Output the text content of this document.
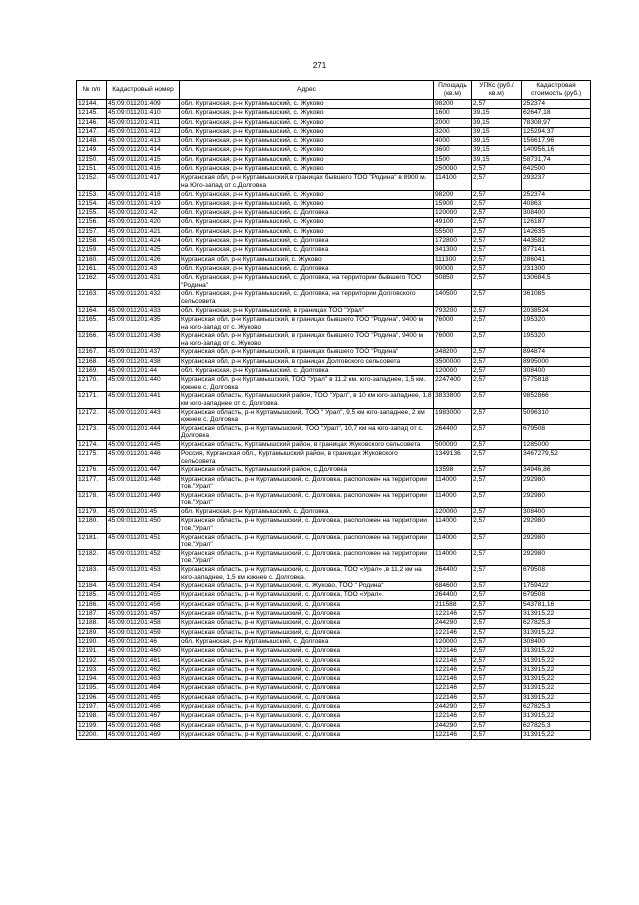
271
№ п/п	Кадастровый номер	Адрес	Площадь (кв.м)	УПКс (руб./кв.м)	Кадастровая стоимость (руб.)
12144.	45:09:011201:409	обл. Курганская, р-н Куртамышский, с. Жуково	98200	2,57	252374
12145.	45:09:011201:410	обл. Курганская, р-н Куртамышский, с. Жуково	1600	39,15	62647,18
12146.	45:09:011201:411	обл. Курганская, р-н Куртамышский, с. Жуково	2000	39,15	78308,97
12147.	45:09:011201:412	обл. Курганская, р-н Куртамышский, с. Жуково	3200	39,15	125294,37
12148.	45:09:011201:413	обл. Курганская, р-н Куртамышский, с. Жуково	4000	39,15	156617,96
12149.	45:09:011201:414	обл. Курганская, р-н Куртамышский, с. Жуково	3600	39,15	140956,16
12150.	45:09:011201:415	обл. Курганская, р-н Куртамышский, с. Жуково	1500	39,15	58731,74
12151.	45:09:011201:416	обл. Курганская, р-н Куртамышский, с. Жуково	250000	2,57	642500
12152.	45:09:011201:417	Курганская обл, р-н Куртамышский,в границах бывшего ТОО "Родина" в 8900 м. на Юго-запад от с.Долговка	114100	2,57	293237
12153.	45:09:011201:418	обл. Курганская, р-н Куртамышский, с. Жуково	98200	2,57	252374
12154.	45:09:011201:419	обл. Курганская, р-н Куртамышский, с. Жуково	15900	2,57	40863
12155.	45:09:011201:42	обл. Курганская, р-н Куртамышский, с. Долговка	120000	2,57	308400
12156.	45:09:011201:420	обл. Курганская, р-н Куртамышский, с. Жуково	49100	2,57	126187
12157.	45:09:011201:421	обл. Курганская, р-н Куртамышский, с. Жуково	55500	2,57	142635
12158.	45:09:011201:424	обл. Курганская, р-н Куртамышский, с. Долговка	172800	2,57	443582
12159.	45:09:011201:425	обл. Курганская, р-н Куртамышский, с. Долговка	341300	2,57	877141
12160.	45:09:011201:426	Курганская обл, р-н Куртамышский, с. Жуково	111300	2,57	286041
12161.	45:09:011201:43	обл. Курганская, р-н Куртамышский, с. Долговка	90000	2,57	231300
12162.	45:09:011201:431	обл. Курганская, р-н Куртамышский, с. Долговка, на территории бывшего ТОО "Родина"	50850	2,57	130684,5
12163.	45:09:011201:432	обл. Курганская, р-н Куртамышский, с. Долговка, на территории Долговского сельсовета	140500	2,57	361085
12164.	45:09:011201:433	обл. Курганская, р-н Куртамышский, в границах ТОО "Урал"	793200	2,57	2038524
12165.	45:09:011201:435	Курганская обл, р-н Куртамышский, в границах бывшего ТОО "Родина", 9400 м на юго-запад от с. Жуково	76000	2,57	195320
12166.	45:09:011201:436	Курганская обл, р-н Куртамышский, в границах бывшего ТОО "Родина", 9400 м на юго-запад от с. Жуково	76000	2,57	195320
12167.	45:09:011201:437	Курганская обл, р-н Куртамышский, в границах бывшего ТОО "Родина"	348200	2,57	894874
12168.	45:09:011201:438	Курганская обл, р-н Куртамышский, в границах Долговского сельсовета	3500000	2,57	8995000
12169.	45:09:011201:44	обл. Курганская, р-н Куртамышский, с. Долговка	120000	2,57	308400
12170.	45:09:011201:440	Курганская обл, р-н Куртамышский, ТОО "Урал" в 11.2 км. юго-западнее, 1,5 км. южнее с. Долговка	2247400	2,57	5775818
12171.	45:09:011201:441	Курганская область, Куртамышский район, ТОО "Урал", в 10 км юго-западнее, 1,8 км юго-западнее от с. Долговка.	3833800	2,57	9852866
12172.	45:09:011201:443	Курганская область, р-н Куртамышский, ТОО " Урал", 9,5 км юго-западнее, 2 км южнее с. Долговка	1983000	2,57	5096310
12173.	45:09:011201:444	Курганская область, р-н Куртамышский, ТОО "Урал", 10,7 км на юго-запад от с. Долговка	264400	2,57	679508
12174.	45:09:011201:445	Курганская область, Куртамышский район, в границах Жуковского сельсовета	500000	2,57	1285000
12175.	45:09:011201:446	Россия, Курганская обл., Куртамышский район, в границах Жуковского сельсовета	1349136	2,57	3467279,52
12176.	45:09:011201:447	Курганская область, Куртамышский район, с.Долговка	13598	2,57	34946,86
12177.	45:09:011201:448	Курганская область, р-н Куртамышский, с. Долговка, расположен на территории тов."Урал"	114000	2,57	292980
12178.	45:09:011201:449	Курганская область, р-н Куртамышский, с. Долговка, расположен на территории тов."Урал"	114000	2,57	292980
12179.	45:09:011201:45	обл. Курганская, р-н Куртамышский, с. Долговка	120000	2,57	308400
12180.	45:09:011201:450	Курганская область, р-н Куртамышский, с. Долговка, расположен на территории тов."Урал"	114000	2,57	292980
12181.	45:09:011201:451	Курганская область, р-н Куртамышский, с. Долговка, расположен на территории тов."Урал"	114000	2,57	292980
12182.	45:09:011201:452	Курганская область, р-н Куртамышский, с. Долговка, расположен на территории тов."Урал"	114000	2,57	292980
12183.	45:09:011201:453	Курганская область, р-н Куртамышский, с. Долговка, ТОО «Урал» ,в 11,2 км на юго-западнее, 1,5 км южнее с. Долговка.	264400	2,57	679508
12184.	45:09:011201:454	Курганская область, р-н Куртамышский, с. Жуково, ТОО " Родина"	684600	2,57	1759422
12185.	45:09:011201:455	Курганская область, р-н Куртамышский, с. Долговка, ТОО «Урал».	264400	2,57	679508
12186.	45:09:011201:456	Курганская область, р-н Куртамышский, с. Долговка	211588	2,57	543781,16
12187.	45:09:011201:457	Курганская область, р-н Куртамышский, с. Долговка	122146	2,57	313915,22
12188.	45:09:011201:458	Курганская область, р-н Куртамышский, с. Долговка	244290	2,57	627825,3
12189.	45:09:011201:459	Курганская область, р-н Куртамышский, с. Долговка	122146	2,57	313915,22
12190.	45:09:011201:46	обл. Курганская, р-н Куртамышский, с. Долговка	120000	2,57	308400
12191.	45:09:011201:460	Курганская область, р-н Куртамышский, с. Долговка	122146	2,57	313915,22
12192.	45:09:011201:461	Курганская область, р-н Куртамышский, с. Долговка	122146	2,57	313915,22
12193.	45:09:011201:462	Курганская область, р-н Куртамышский, с. Долговка	122146	2,57	313915,22
12194.	45:09:011201:463	Курганская область, р-н Куртамышский, с. Долговка	122146	2,57	313915,22
12195.	45:09:011201:464	Курганская область, р-н Куртамышский, с. Долговка	122146	2,57	313915,22
12196.	45:09:011201:465	Курганская область, р-н Куртамышский, с. Долговка	122146	2,57	313915,22
12197.	45:09:011201:466	Курганская область, р-н Куртамышский, с. Долговка	244290	2,57	627825,3
12198.	45:09:011201:467	Курганская область, р-н Куртамышский, с. Долговка	122146	2,57	313915,22
12199.	45:09:011201:468	Курганская область, р-н Куртамышский, с. Долговка	244290	2,57	627825,3
12200.	45:09:011201:469	Курганская область, р-н Куртамышский, с. Долговка	122146	2,57	313915,22
